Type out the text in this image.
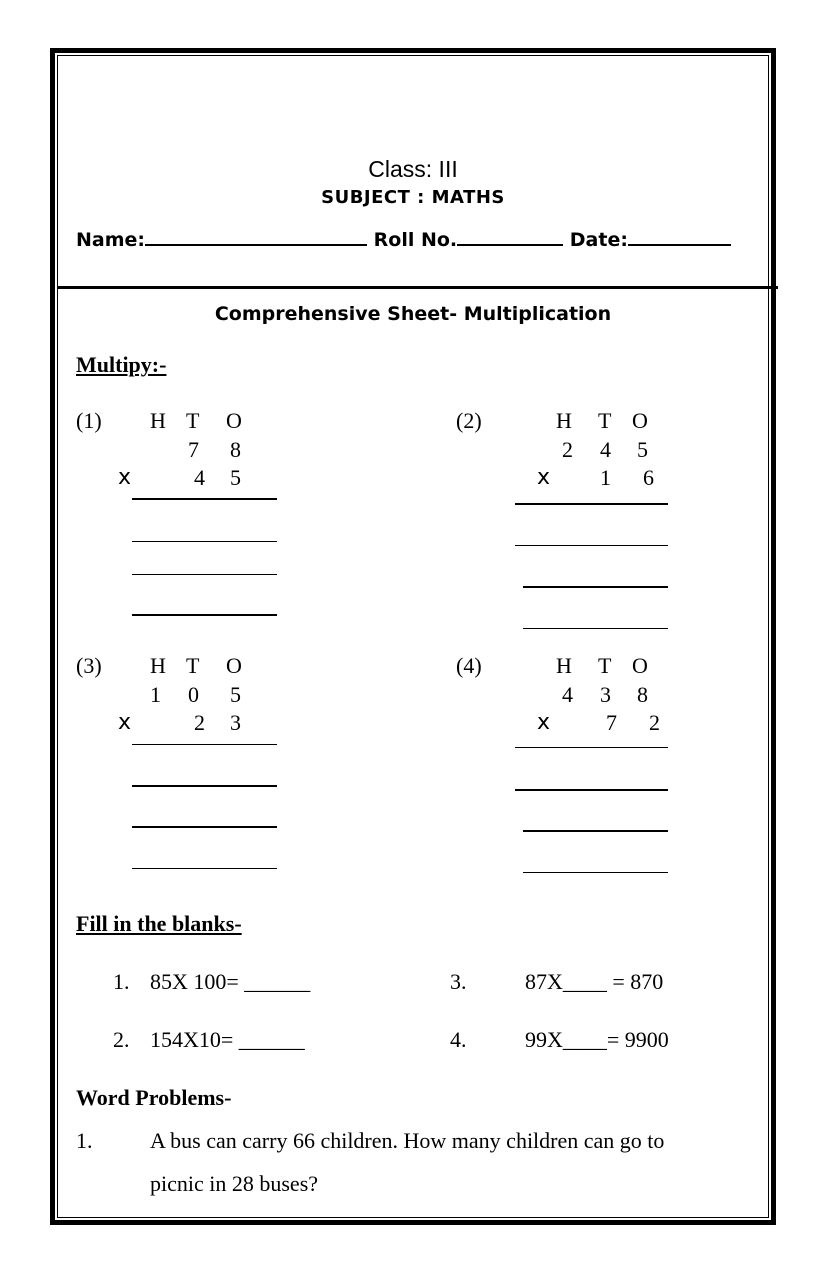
Class: III
SUBJECT : MATHS
Name:	Roll No.	Date:
Comprehensive Sheet- Multiplication
Multipy:-
(1) H T O
7 8
x	4 5
(2)	H T O
2 4 5
x 1 6
(3) H T O
1 0 5
x	2 3
(4)	H T O
4 3 8
x	7 2
Fill in the blanks-
1. 85X 100= ______
2. 154X10= ______
3.	87X____ = 870
4.	99X____= 9900
Word Problems-
1.	A bus can carry 66 children. How many children can go to
picnic in 28 buses?
